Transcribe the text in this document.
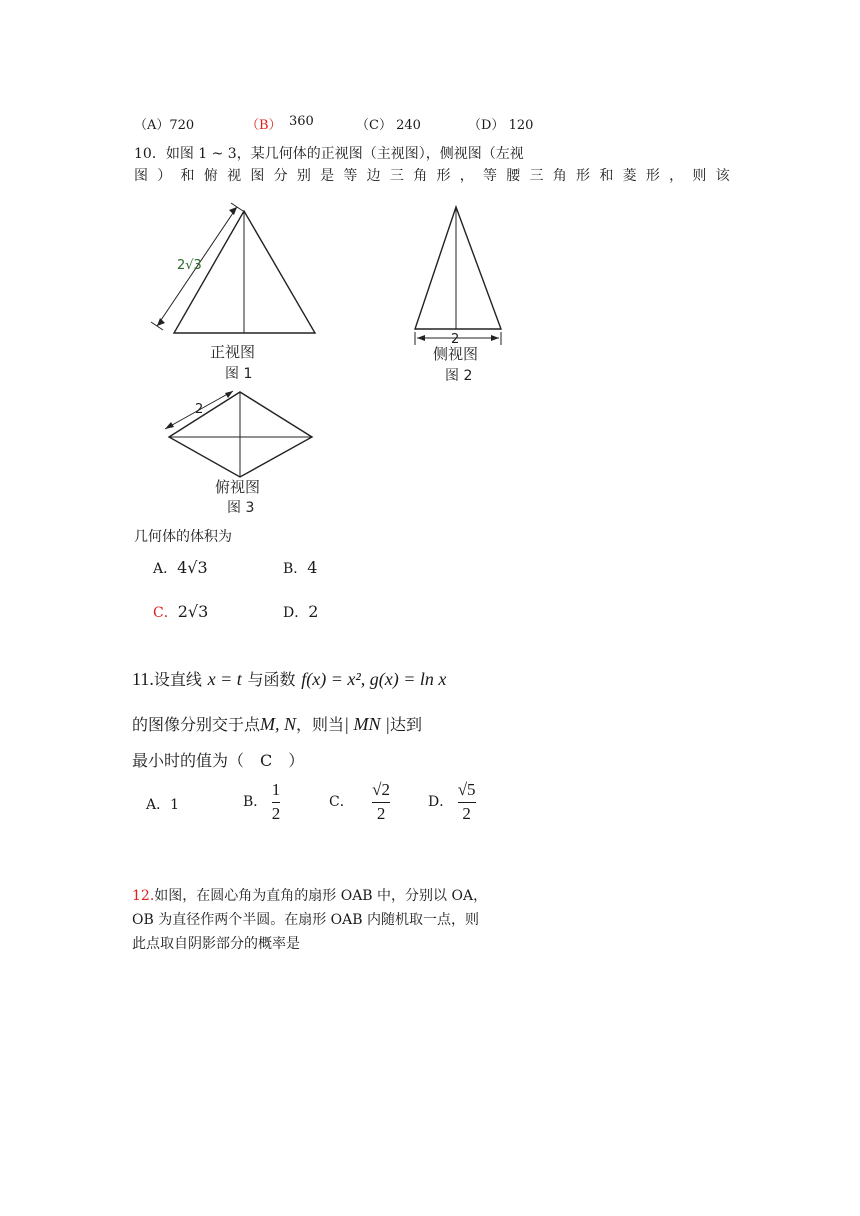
（A）720	（B） 360	（C） 240	（D） 120
10．如图 1 ~ 3，某几何体的正视图（主视图），侧视图（左视
图 ） 和 俯 视 图 分 别 是 等 边 三 角 形 ， 等 腰 三 角 形 和 菱 形 ， 则 该
2√3
正视图
图 1
2
侧视图
图 2
2
俯视图
图 3
几何体的体积为
A．4√3	B．4
C．2√3	D．2
11.设直线 x = t 与函数 f(x) = x², g(x) = ln x
的图像分别交于点M, N，则当| MN |达到
最小时的值为（　C　）
A．1	B． $\frac{1}{2}$	C． $\frac{√2}{2}$	D． $\frac{√5}{2}$
12.如图，在圆心角为直角的扇形 OAB 中，分别以 OA，
OB 为直径作两个半圆。在扇形 OAB 内随机取一点，则
此点取自阴影部分的概率是
